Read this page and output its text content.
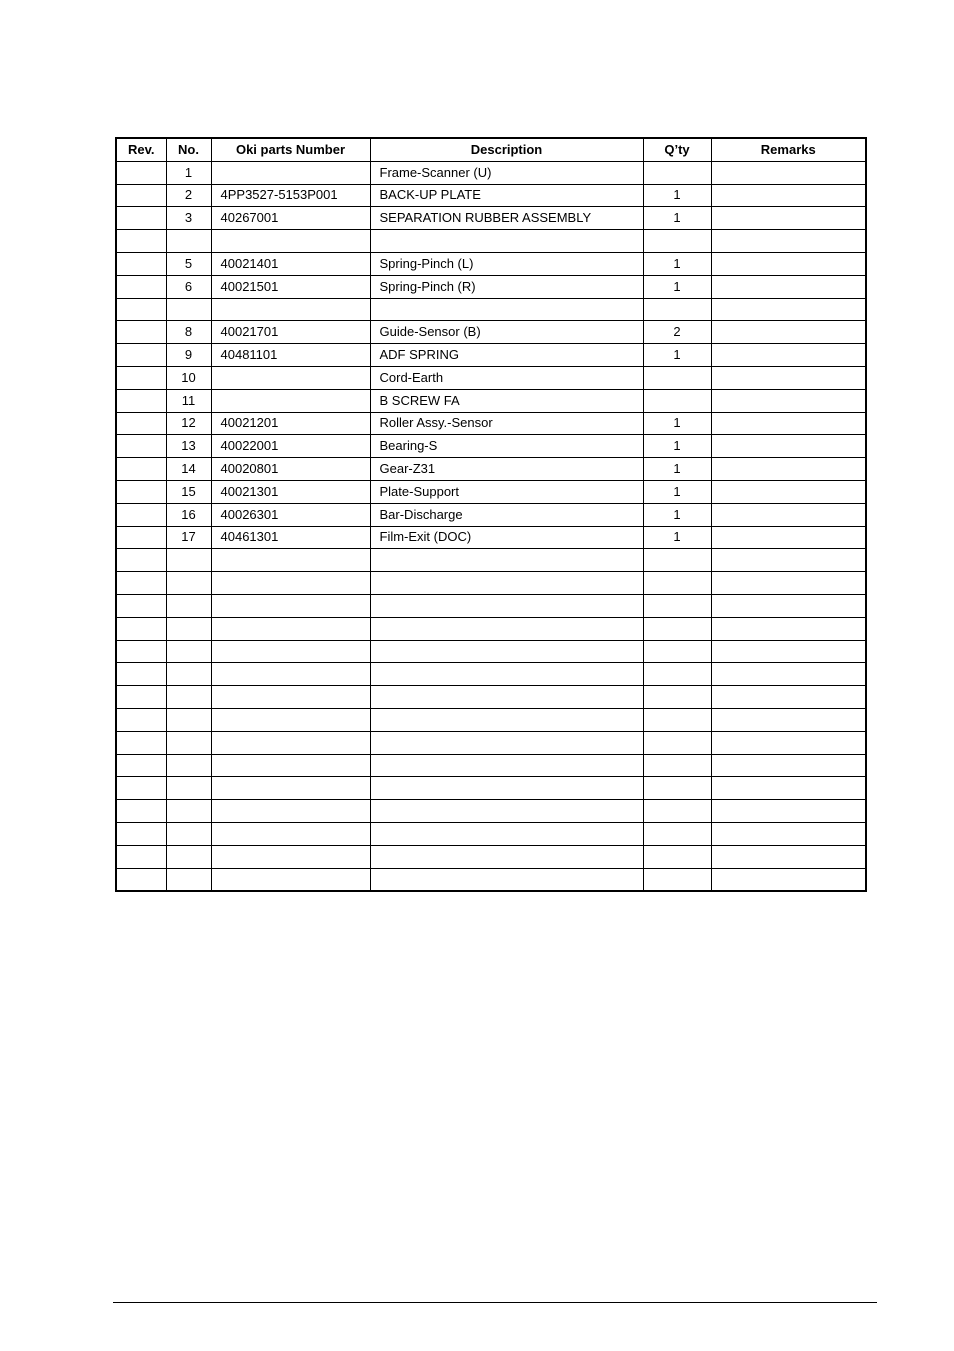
Rev.	No.	Oki parts Number	Description	Q’ty	Remarks
	1		Frame-Scanner (U)		
	2	4PP3527-5153P001	BACK-UP PLATE	1	
	3	40267001	SEPARATION RUBBER ASSEMBLY	1	

	5	40021401	Spring-Pinch (L)	1	
	6	40021501	Spring-Pinch (R)	1	

	8	40021701	Guide-Sensor (B)	2	
	9	40481101	ADF SPRING	1	
	10		Cord-Earth		
	11		B SCREW FA		
	12	40021201	Roller Assy.-Sensor	1	
	13	40022001	Bearing-S	1	
	14	40020801	Gear-Z31	1	
	15	40021301	Plate-Support	1	
	16	40026301	Bar-Discharge	1	
	17	40461301	Film-Exit (DOC)	1	
